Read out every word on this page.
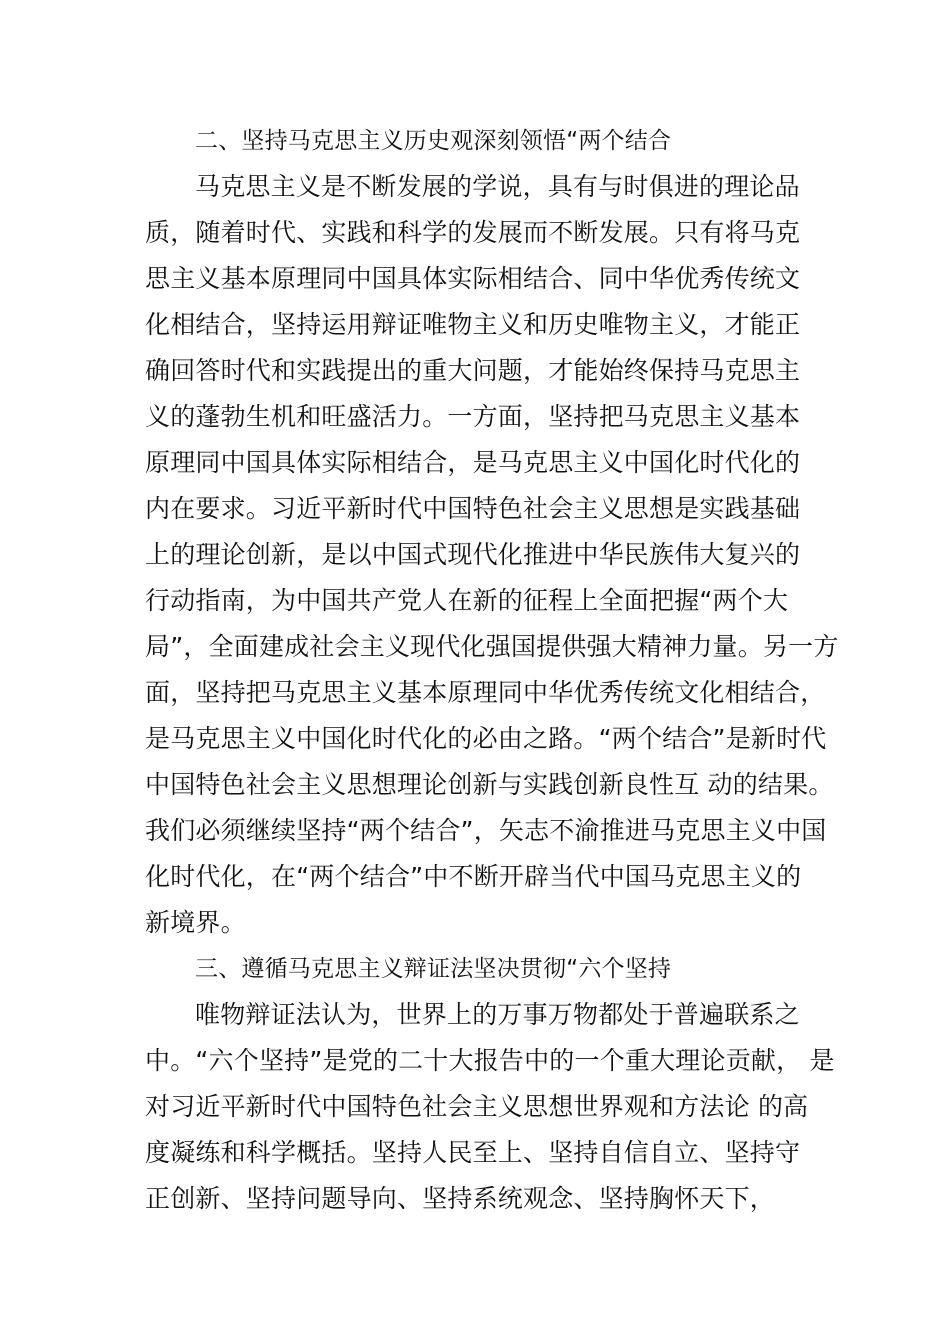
二、坚持马克思主义历史观深刻领悟“两个结合
马克思主义是不断发展的学说，具有与时俱进的理论品
质，随着时代、实践和科学的发展而不断发展。只有将马克
思主义基本原理同中国具体实际相结合、同中华优秀传统文
化相结合，坚持运用辩证唯物主义和历史唯物主义，才能正
确回答时代和实践提出的重大问题，才能始终保持马克思主
义的蓬勃生机和旺盛活力。一方面，坚持把马克思主义基本
原理同中国具体实际相结合，是马克思主义中国化时代化的
内在要求。习近平新时代中国特色社会主义思想是实践基础
上的理论创新，是以中国式现代化推进中华民族伟大复兴的
行动指南，为中国共产党人在新的征程上全面把握“两个大
局”，全面建成社会主义现代化强国提供强大精神力量。另一方
面，坚持把马克思主义基本原理同中华优秀传统文化相结合，
是马克思主义中国化时代化的必由之路。“两个结合”是新时代
中国特色社会主义思想理论创新与实践创新良性互 动的结果。
我们必须继续坚持“两个结合”，矢志不渝推进马克思主义中国
化时代化，在“两个结合”中不断开辟当代中国马克思主义的
新境界。
三、遵循马克思主义辩证法坚决贯彻“六个坚持
唯物辩证法认为，世界上的万事万物都处于普遍联系之
中。“六个坚持”是党的二十大报告中的一个重大理论贡献， 是
对习近平新时代中国特色社会主义思想世界观和方法论 的高
度凝练和科学概括。坚持人民至上、坚持自信自立、坚持守
正创新、坚持问题导向、坚持系统观念、坚持胸怀天下，
